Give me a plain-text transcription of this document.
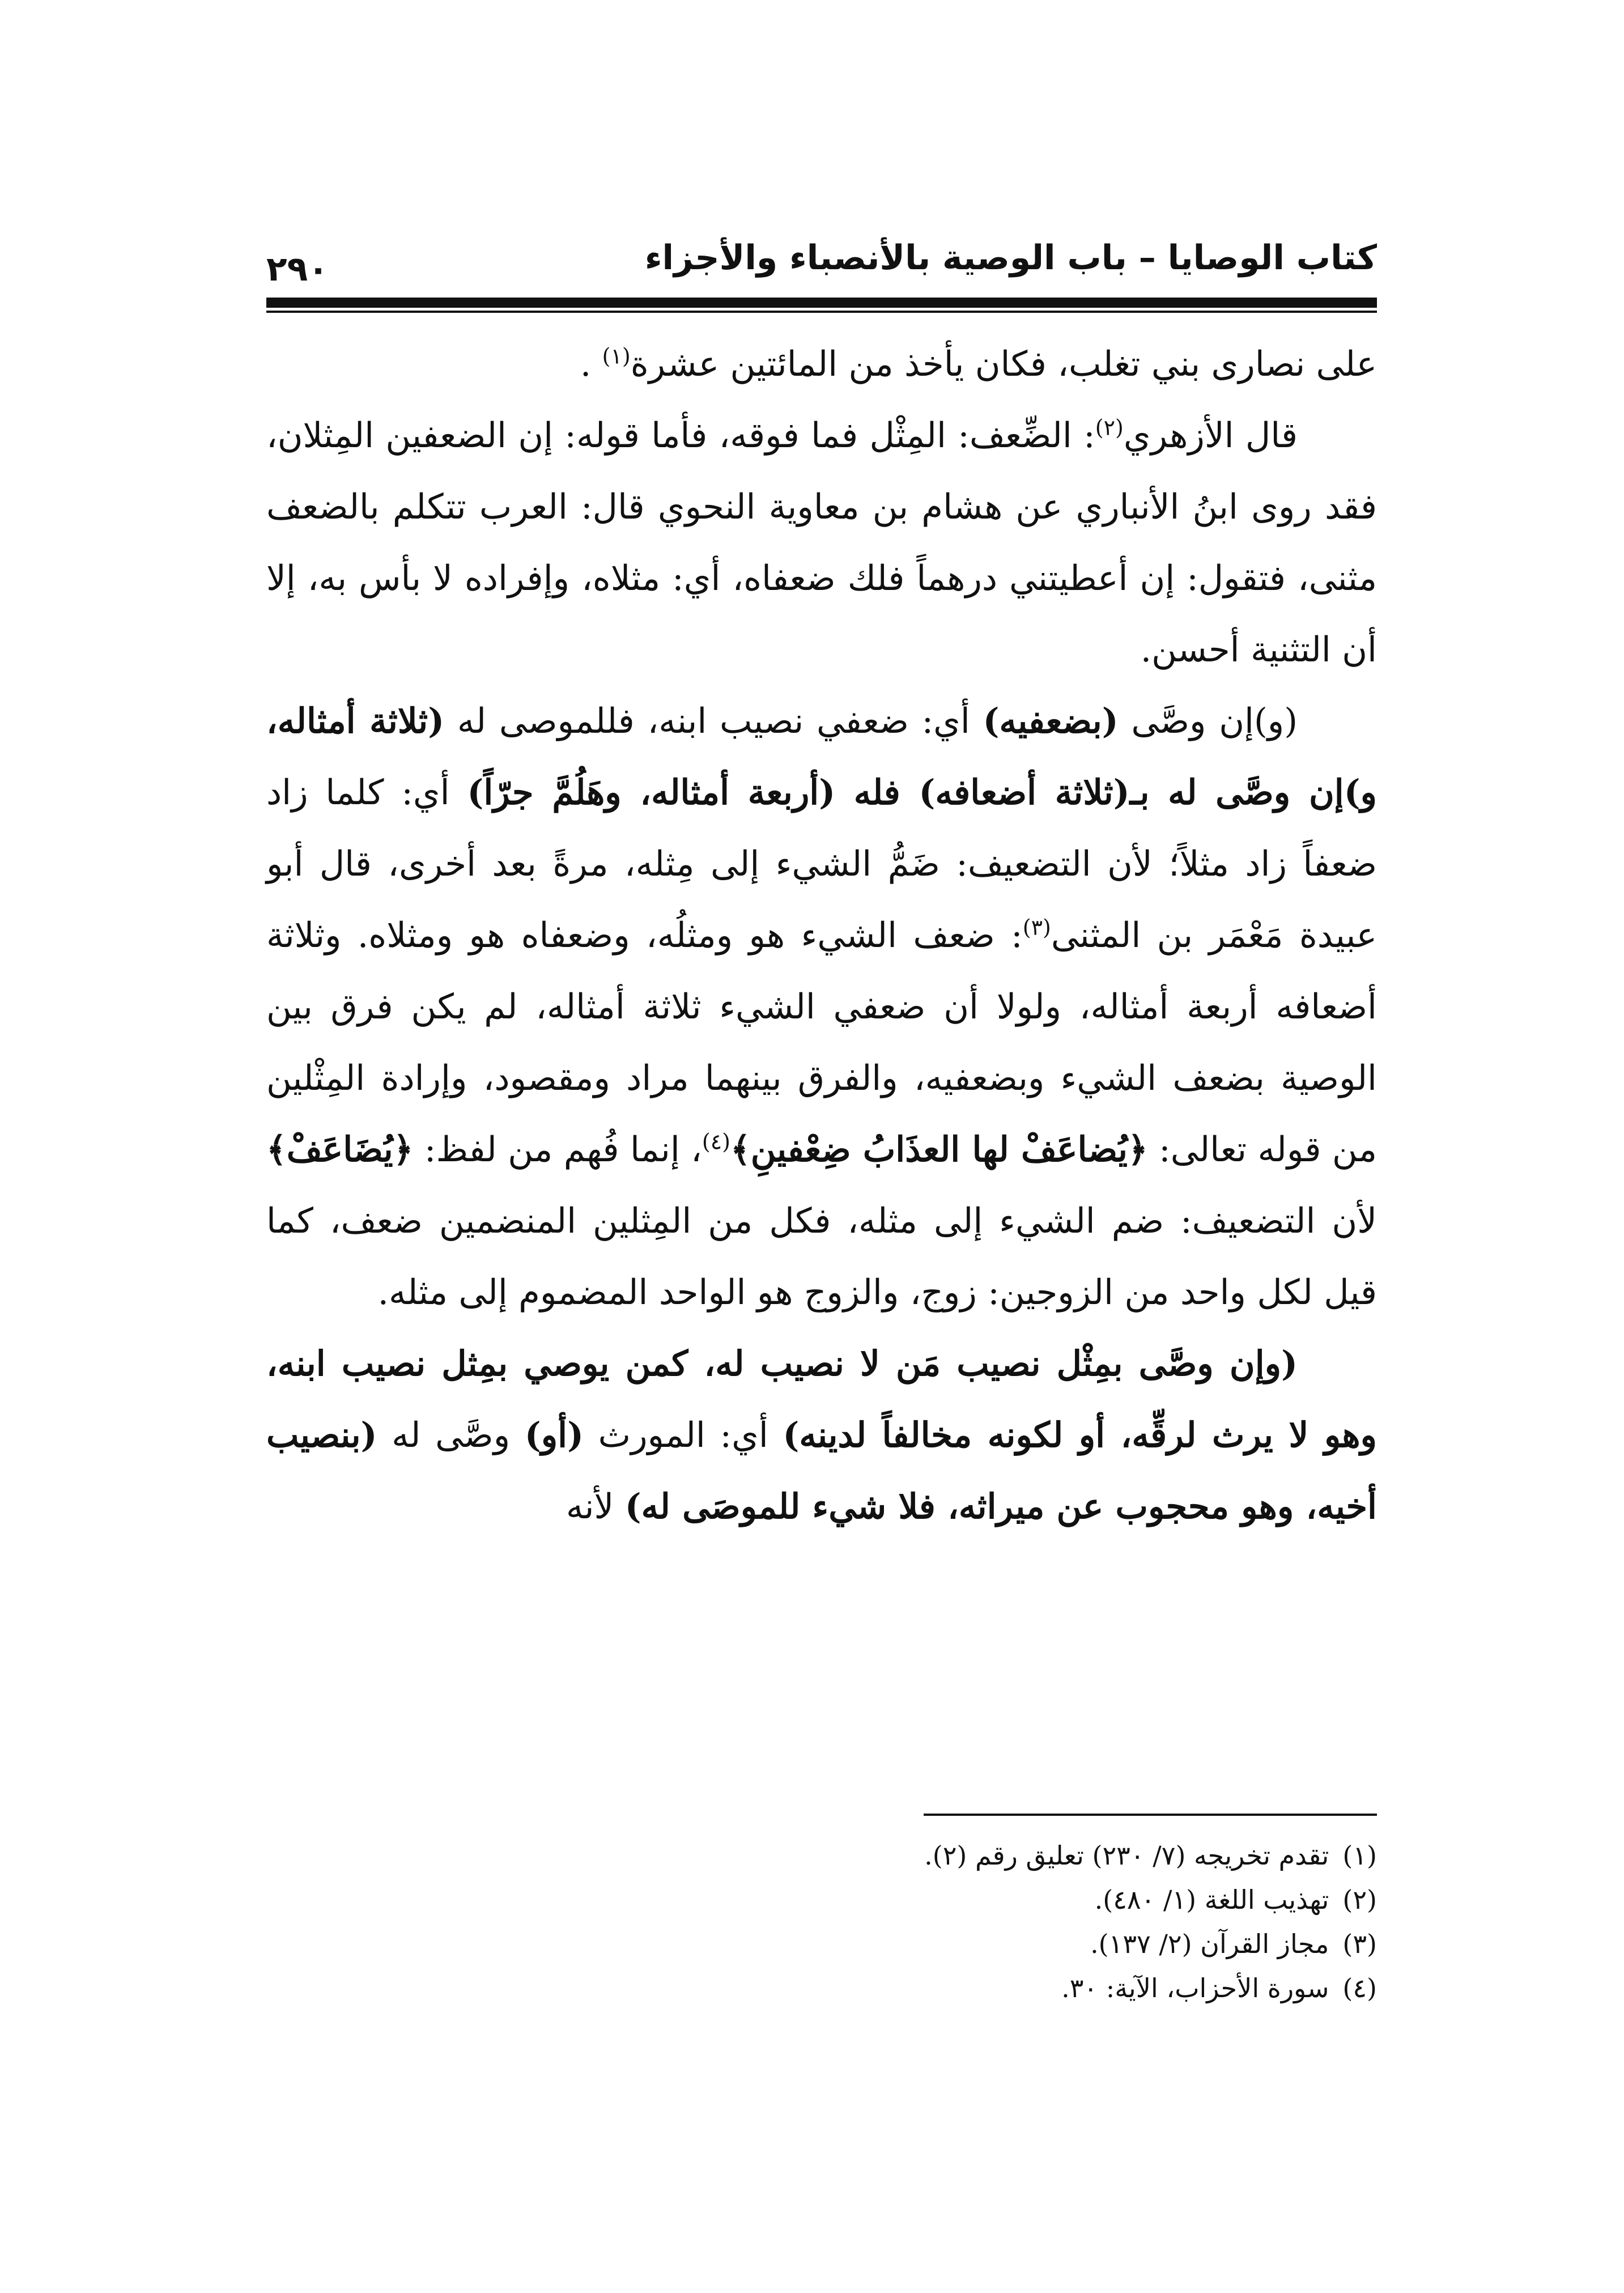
كتاب الوصايا – باب الوصية بالأنصباء والأجزاء
٢٩٠

على نصارى بني تغلب، فكان يأخذ من المائتين عشرة$^{(١)}$ .

قال الأزهري$^{(٢)}$: الضِّعف: المِثْل فما فوقه، فأما قوله: إن الضعفين المِثلان، فقد روى ابنُ الأنباري عن هشام بن معاوية النحوي قال: العرب تتكلم بالضعف مثنى، فتقول: إن أعطيتني درهماً فلك ضعفاه، أي: مثلاه، وإفراده لا بأس به، إلا أن التثنية أحسن.

(و)إن وصَّى (بضعفيه) أي: ضعفي نصيب ابنه، فللموصى له (ثلاثة أمثاله، و)إن وصَّى له بـ(ثلاثة أضعافه) فله (أربعة أمثاله، وهَلُمَّ جرّاً) أي: كلما زاد ضعفاً زاد مثلاً؛ لأن التضعيف: ضَمُّ الشيء إلى مِثله، مرةً بعد أخرى، قال أبو عبيدة مَعْمَر بن المثنى$^{(٣)}$: ضعف الشيء هو ومثلُه، وضعفاه هو ومثلاه. وثلاثة أضعافه أربعة أمثاله، ولولا أن ضعفي الشيء ثلاثة أمثاله، لم يكن فرق بين الوصية بضعف الشيء وبضعفيه، والفرق بينهما مراد ومقصود، وإرادة المِثْلين من قوله تعالى: ﴿يُضاعَفْ لها العذَابُ ضِعْفينِ﴾$^{(٤)}$، إنما فُهم من لفظ: ﴿يُضَاعَفْ﴾ لأن التضعيف: ضم الشيء إلى مثله، فكل من المِثلين المنضمين ضعف، كما قيل لكل واحد من الزوجين: زوج، والزوج هو الواحد المضموم إلى مثله.

(وإن وصَّى بمِثْل نصيب مَن لا نصيب له، كمن يوصي بمِثل نصيب ابنه، وهو لا يرث لرقِّه، أو لكونه مخالفاً لدينه) أي: المورث (أو) وصَّى له (بنصيب أخيه، وهو محجوب عن ميراثه، فلا شيء للموصَى له) لأنه

(١)تقدم تخريجه (٧/ ٢٣٠) تعليق رقم (٢).
(٢)تهذيب اللغة (١/ ٤٨٠).
(٣)مجاز القرآن (٢/ ١٣٧).
(٤)سورة الأحزاب، الآية: ٣٠.
